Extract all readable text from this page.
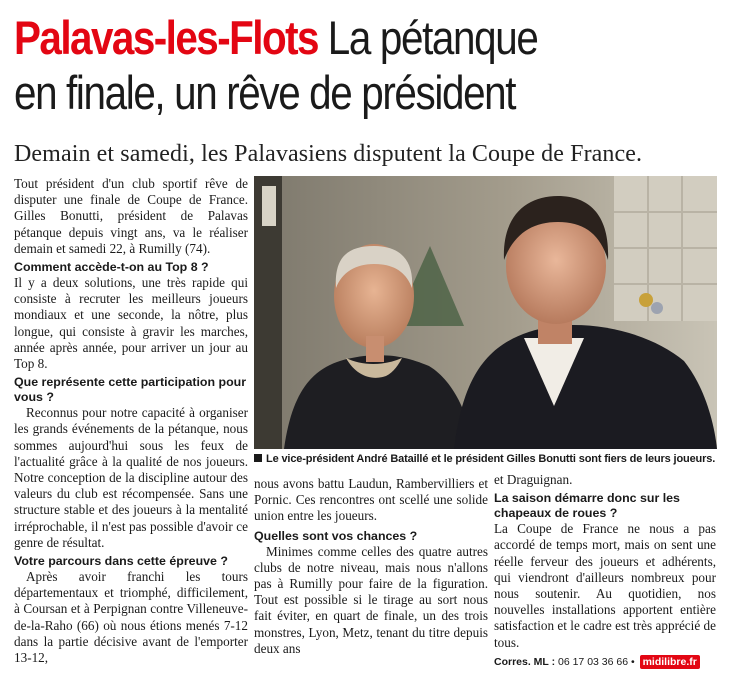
Palavas-les-Flots La pétanque
en finale, un rêve de président

Demain et samedi, les Palavasiens disputent la Coupe de France.

Tout président d'un club sportif rêve de disputer une finale de Coupe de France. Gilles Bonutti, président de Palavas pétanque depuis vingt ans, va le réaliser demain et samedi 22, à Rumilly (74).

Comment accède-t-on au Top 8 ?

Il y a deux solutions, une très rapide qui consiste à recruter les meilleurs joueurs mondiaux et une seconde, la nôtre, plus longue, qui consiste à gravir les marches, année après année, pour arriver un jour au Top 8.

Que représente cette participation pour vous ?

Reconnus pour notre capacité à organiser les grands événements de la pétanque, nous sommes aujourd'hui sous les feux de l'actualité grâce à la qualité de nos joueurs. Notre conception de la discipline autour des valeurs du club est récompensée. Sans une structure stable et des joueurs à la mentalité irréprochable, il n'est pas possible d'avoir ce genre de résultat.

Votre parcours dans cette épreuve ?

Après avoir franchi les tours départementaux et triomphé, difficilement, à Coursan et à Perpignan contre Villeneuve-de-la-Raho (66) où nous étions menés 7-12 dans la partie décisive avant de l'emporter 13-12,

Le vice-président André Bataillé et le président Gilles Bonutti sont fiers de leurs joueurs.

nous avons battu Laudun, Rambervilliers et Pornic. Ces rencontres ont scellé une solide union entre les joueurs.

Quelles sont vos chances ?

Minimes comme celles des quatre autres clubs de notre niveau, mais nous n'allons pas à Rumilly pour faire de la figuration. Tout est possible si le tirage au sort nous fait éviter, en quart de finale, un des trois monstres, Lyon, Metz, tenant du titre depuis deux ans

et Draguignan.

La saison démarre donc sur les chapeaux de roues ?

La Coupe de France ne nous a pas accordé de temps mort, mais on sent une réelle ferveur des joueurs et adhérents, qui viendront d'ailleurs nombreux pour nous soutenir. Au quotidien, nos nouvelles installations apportent entière satisfaction et le cadre est très apprécié de tous.

Corres. ML : 06 17 03 36 66 • midilibre.fr
